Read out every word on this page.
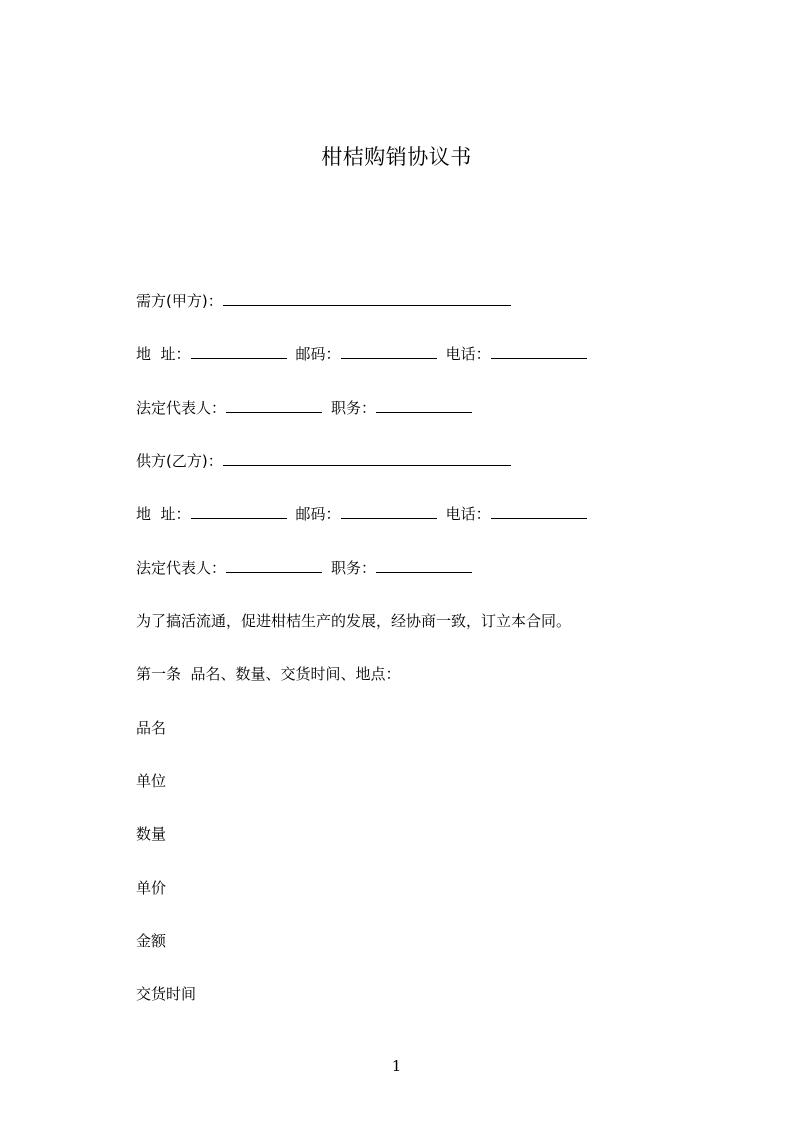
柑桔购销协议书
需方(甲方)：
地  址：	邮码：	电话：
法定代表人：	职务：
供方(乙方)：
地  址：	邮码：	电话：
法定代表人：	职务：
为了搞活流通，促进柑桔生产的发展，经协商一致，订立本合同。
第一条  品名、数量、交货时间、地点：
品名
单位
数量
单价
金额
交货时间
1
